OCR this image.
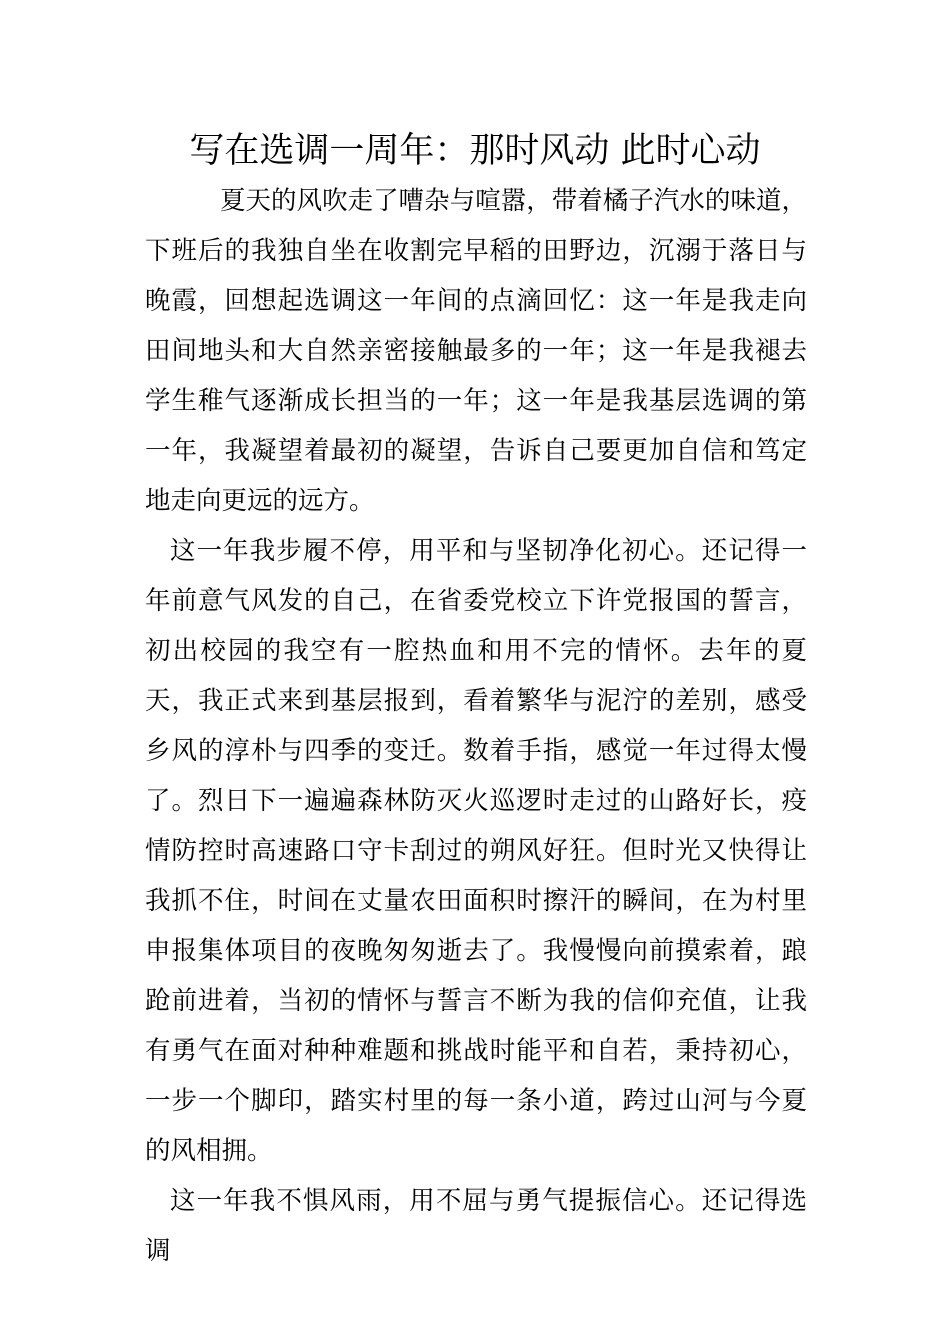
写在选调一周年：那时风动 此时心动

夏天的风吹走了嘈杂与喧嚣，带着橘子汽水的味道，下班后的我独自坐在收割完早稻的田野边，沉溺于落日与晚霞，回想起选调这一年间的点滴回忆：这一年是我走向田间地头和大自然亲密接触最多的一年；这一年是我褪去学生稚气逐渐成长担当的一年；这一年是我基层选调的第一年，我凝望着最初的凝望，告诉自己要更加自信和笃定地走向更远的远方。

这一年我步履不停，用平和与坚韧净化初心。还记得一年前意气风发的自己，在省委党校立下许党报国的誓言，初出校园的我空有一腔热血和用不完的情怀。去年的夏天，我正式来到基层报到，看着繁华与泥泞的差别，感受乡风的淳朴与四季的变迁。数着手指，感觉一年过得太慢了。烈日下一遍遍森林防灭火巡逻时走过的山路好长，疫情防控时高速路口守卡刮过的朔风好狂。但时光又快得让我抓不住，时间在丈量农田面积时擦汗的瞬间，在为村里申报集体项目的夜晚匆匆逝去了。我慢慢向前摸索着，踉跄前进着，当初的情怀与誓言不断为我的信仰充值，让我有勇气在面对种种难题和挑战时能平和自若，秉持初心，一步一个脚印，踏实村里的每一条小道，跨过山河与今夏的风相拥。

这一年我不惧风雨，用不屈与勇气提振信心。还记得选调
